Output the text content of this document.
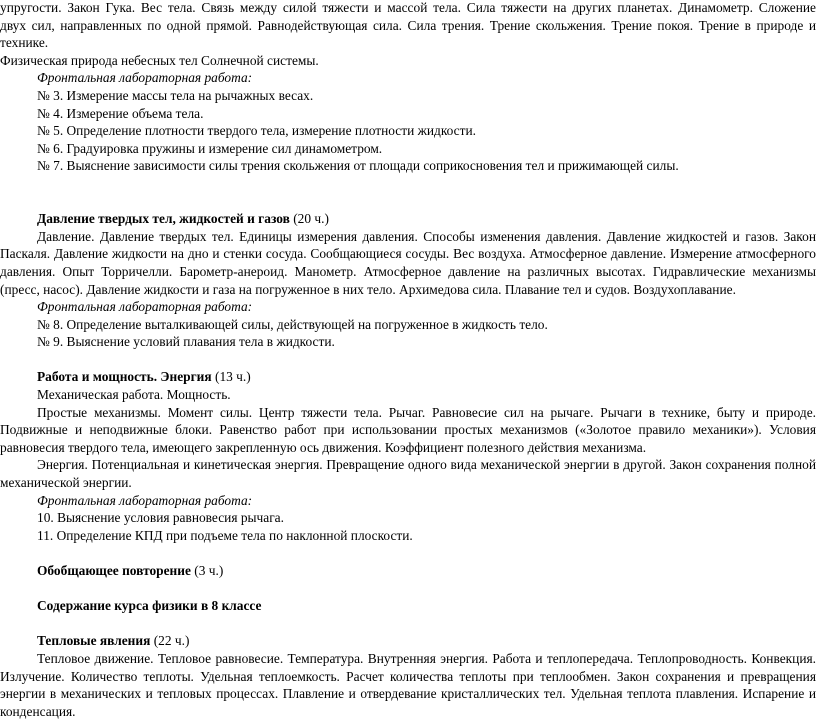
упругости. Закон Гука. Вес тела. Связь между силой тяжести и массой тела. Сила тяжести на других планетах. Динамометр. Сложение

двух сил, направленных по одной прямой. Равнодействующая сила. Сила трения. Трение скольжения. Трение покоя. Трение в природе и технике.

Физическая природа небесных тел Солнечной системы.

Фронтальная лабораторная работа:
№ 3. Измерение массы тела на рычажных весах.
№ 4. Измерение объема тела.
№ 5. Определение плотности твердого тела, измерение плотности жидкости.
№ 6. Градуировка пружины и измерение сил динамометром.
№ 7. Выяснение зависимости силы трения скольжения от площади соприкосновения тел и прижимающей силы.
Давление твердых тел, жидкостей и газов (20 ч.)

Давление. Давление твердых тел. Единицы измерения давления. Способы изменения давления. Давление жидкостей и газов. Закон Паскаля. Давление жидкости на дно и стенки сосуда. Сообщающиеся сосуды. Вес воздуха. Атмосферное давление. Измерение атмосферного давления. Опыт Торричелли. Барометр-анероид. Манометр. Атмосферное давление на различных высотах. Гидравлические механизмы (пресс, насос). Давление жидкости и газа на погруженное в них тело. Архимедова сила. Плавание тел и судов. Воздухоплавание.

Фронтальная лабораторная работа:
№ 8. Определение выталкивающей силы, действующей на погруженное в жидкость тело.
№ 9. Выяснение условий плавания тела в жидкости.
Работа и мощность. Энергия (13 ч.)
Механическая работа. Мощность.

Простые механизмы. Момент силы. Центр тяжести тела. Рычаг. Равновесие сил на рычаге. Рычаги в технике, быту и природе. Подвижные и неподвижные блоки. Равенство работ при использовании простых механизмов («Золотое правило механики»). Условия равновесия твердого тела, имеющего закрепленную ось движения. Коэффициент полезного действия механизма.

Энергия. Потенциальная и кинетическая энергия. Превращение одного вида механической энергии в другой. Закон сохранения полной механической энергии.

Фронтальная лабораторная работа:
10. Выяснение условия равновесия рычага.
11. Определение КПД при подъеме тела по наклонной плоскости.
Обобщающее повторение (3 ч.)
Содержание курса физики в 8 классе
Тепловые явления (22 ч.)

Тепловое движение. Тепловое равновесие. Температура. Внутренняя энергия. Работа и теплопередача. Теплопроводность. Конвекция. Излучение. Количество теплоты. Удельная теплоемкость. Расчет количества теплоты при теплообмен. Закон сохранения и превращения энергии в механических и тепловых процессах. Плавление и отвердевание кристаллических тел. Удельная теплота плавления. Испарение и конденсация.
